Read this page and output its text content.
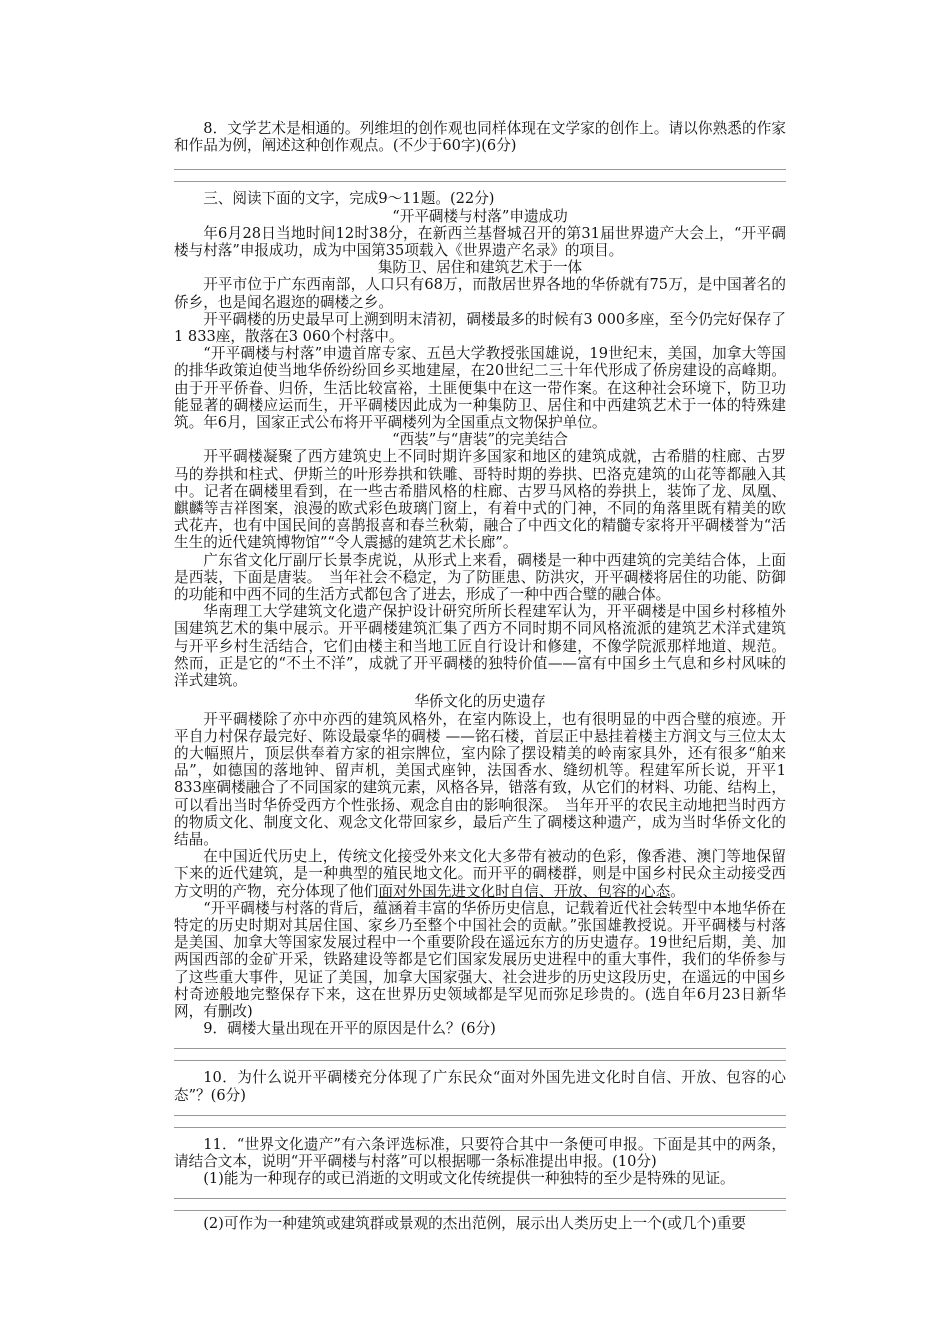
8．文学艺术是相通的。列维坦的创作观也同样体现在文学家的创作上。请以你熟悉的作家和作品为例，阐述这种创作观点。(不少于60字)(6分)

三、阅读下面的文字，完成9～11题。(22分)

“开平碉楼与村落”申遗成功

年6月28日当地时间12时38分，在新西兰基督城召开的第31届世界遗产大会上，“开平碉楼与村落”申报成功，成为中国第35项载入《世界遗产名录》的项目。

集防卫、居住和建筑艺术于一体

开平市位于广东西南部，人口只有68万，而散居世界各地的华侨就有75万，是中国著名的侨乡，也是闻名遐迩的碉楼之乡。

开平碉楼的历史最早可上溯到明末清初，碉楼最多的时候有3 000多座，至今仍完好保存了1 833座，散落在3 060个村落中。

“开平碉楼与村落”申遗首席专家、五邑大学教授张国雄说，19世纪末，美国，加拿大等国的排华政策迫使当地华侨纷纷回乡买地建屋，在20世纪二三十年代形成了侨房建设的高峰期。由于开平侨眷、归侨，生活比较富裕，土匪便集中在这一带作案。在这种社会环境下，防卫功能显著的碉楼应运而生，开平碉楼因此成为一种集防卫、居住和中西建筑艺术于一体的特殊建筑。年6月，国家正式公布将开平碉楼列为全国重点文物保护单位。

“西装”与“唐装”的完美结合

开平碉楼凝聚了西方建筑史上不同时期许多国家和地区的建筑成就，古希腊的柱廊、古罗马的券拱和柱式、伊斯兰的叶形券拱和铁雕、哥特时期的券拱、巴洛克建筑的山花等都融入其中。记者在碉楼里看到，在一些古希腊风格的柱廊、古罗马风格的券拱上，装饰了龙、凤凰、麒麟等吉祥图案，浪漫的欧式彩色玻璃门窗上，有着中式的门神，不同的角落里既有精美的欧式花卉，也有中国民间的喜鹊报喜和春兰秋菊，融合了中西文化的精髓专家将开平碉楼誉为“活生生的近代建筑博物馆”“令人震撼的建筑艺术长廊”。

广东省文化厅副厅长景李虎说，从形式上来看，碉楼是一种中西建筑的完美结合体，上面是西装，下面是唐装。　当年社会不稳定，为了防匪患、防洪灾，开平碉楼将居住的功能、防御的功能和中西不同的生活方式都包含了进去，形成了一种中西合璧的融合体。

华南理工大学建筑文化遗产保护设计研究所所长程建军认为，开平碉楼是中国乡村移植外国建筑艺术的集中展示。开平碉楼建筑汇集了西方不同时期不同风格流派的建筑艺术洋式建筑与开平乡村生活结合，它们由楼主和当地工匠自行设计和修建，不像学院派那样地道、规范。然而，正是它的“不土不洋”，成就了开平碉楼的独特价值——富有中国乡土气息和乡村风味的洋式建筑。

华侨文化的历史遗存

开平碉楼除了亦中亦西的建筑风格外，在室内陈设上，也有很明显的中西合璧的痕迹。开平自力村保存最完好、陈设最豪华的碉楼 ——铭石楼，首层正中悬挂着楼主方润文与三位太太的大幅照片，顶层供奉着方家的祖宗牌位，室内除了摆设精美的岭南家具外，还有很多“舶来品”，如德国的落地钟、留声机，美国式座钟，法国香水、缝纫机等。程建军所长说，开平1 833座碉楼融合了不同国家的建筑元素，风格各异，错落有致，从它们的材料、功能、结构上，可以看出当时华侨受西方个性张扬、观念自由的影响很深。　当年开平的农民主动地把当时西方的物质文化、制度文化、观念文化带回家乡，最后产生了碉楼这种遗产，成为当时华侨文化的结晶。

在中国近代历史上，传统文化接受外来文化大多带有被动的色彩，像香港、澳门等地保留下来的近代建筑，是一种典型的殖民地文化。而开平的碉楼群，则是中国乡村民众主动接受西方文明的产物，充分体现了他们面对外国先进文化时自信、开放、包容的心态。

“开平碉楼与村落的背后，蕴涵着丰富的华侨历史信息，记载着近代社会转型中本地华侨在特定的历史时期对其居住国、家乡乃至整个中国社会的贡献。”张国雄教授说。开平碉楼与村落是美国、加拿大等国家发展过程中一个重要阶段在遥远东方的历史遗存。19世纪后期，美、加两国西部的金矿开采，铁路建设等都是它们国家发展历史进程中的重大事件，我们的华侨参与了这些重大事件，见证了美国，加拿大国家强大、社会进步的历史这段历史，在遥远的中国乡村奇迹般地完整保存下来，这在世界历史领域都是罕见而弥足珍贵的。(选自年6月23日新华网，有删改)

9．碉楼大量出现在开平的原因是什么？(6分)

10．为什么说开平碉楼充分体现了广东民众“面对外国先进文化时自信、开放、包容的心态”？(6分)

11．“世界文化遗产”有六条评选标准，只要符合其中一条便可申报。下面是其中的两条，请结合文本，说明“开平碉楼与村落”可以根据哪一条标准提出申报。(10分)

(1)能为一种现存的或已消逝的文明或文化传统提供一种独特的至少是特殊的见证。

(2)可作为一种建筑或建筑群或景观的杰出范例，展示出人类历史上一个(或几个)重要
